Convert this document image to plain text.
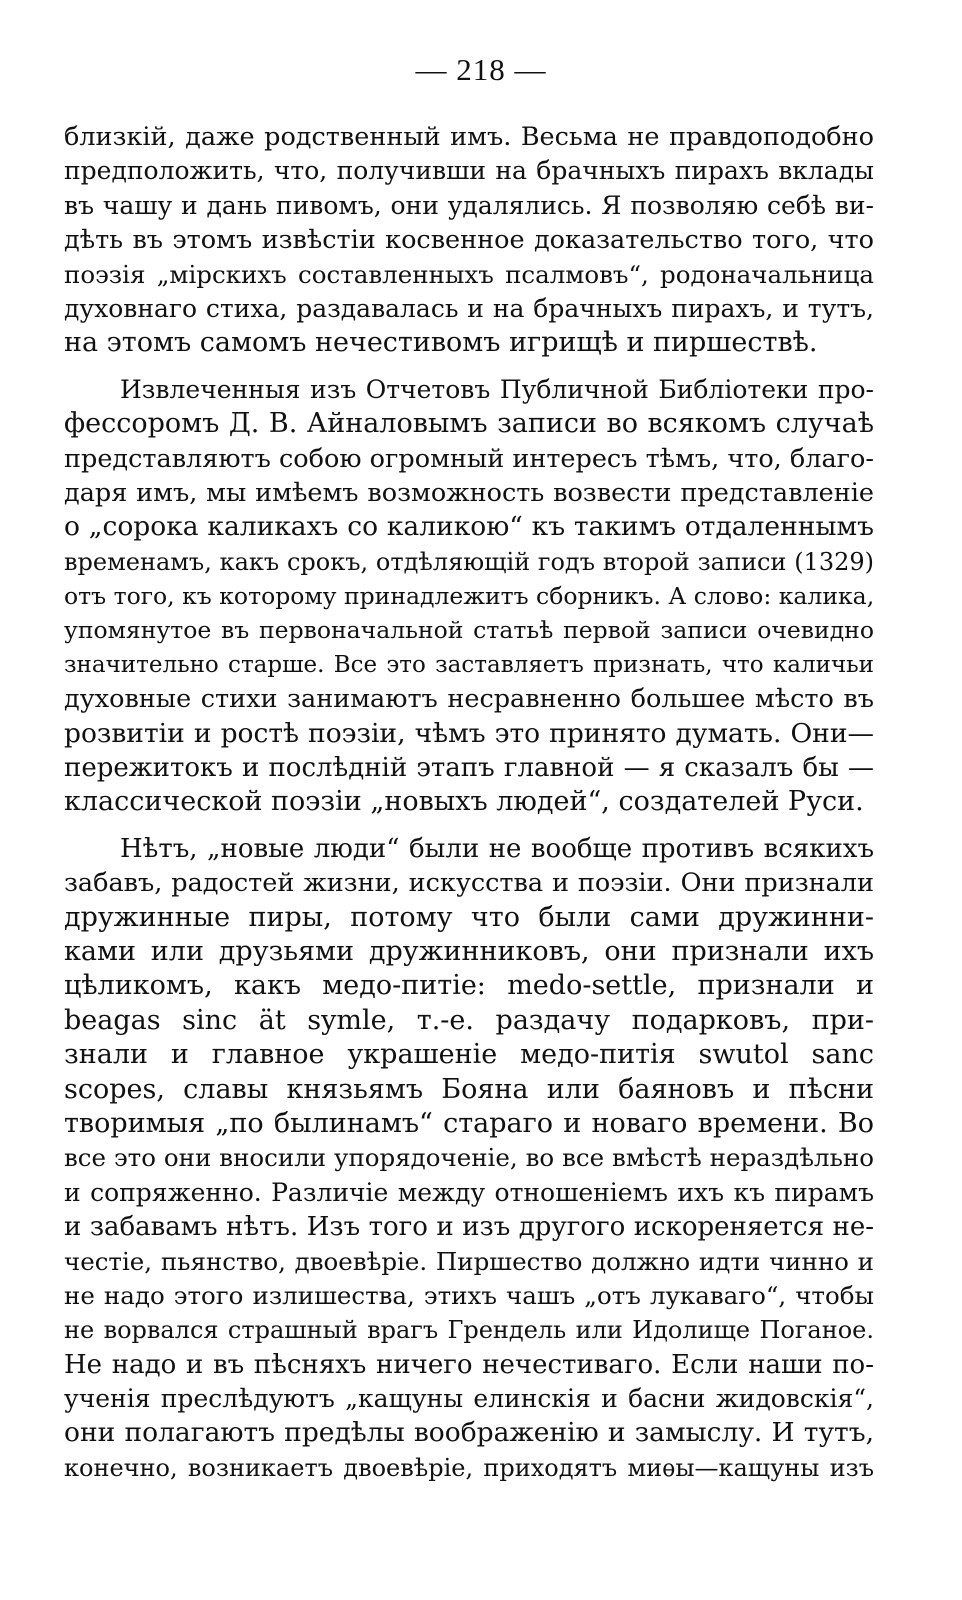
— 218 —
близкій, даже родственный имъ. Весьма не правдоподобно
предположить, что, получивши на брачныхъ пирахъ вклады
въ чашу и дань пивомъ, они удалялись. Я позволяю себѣ ви-
дѣть въ этомъ извѣстіи косвенное доказательство того, что
поэзія „мірскихъ составленныхъ псалмовъ“, родоначальница
духовнаго стиха, раздавалась и на брачныхъ пирахъ, и тутъ,
на этомъ самомъ нечестивомъ игрищѣ и пиршествѣ.
Извлеченныя изъ Отчетовъ Публичной Библіотеки про-
фессоромъ Д. В. Айналовымъ записи во всякомъ случаѣ
представляютъ собою огромный интересъ тѣмъ, что, благо-
даря имъ, мы имѣемъ возможность возвести представленіе
о „сорока каликахъ со каликою“ къ такимъ отдаленнымъ
временамъ, какъ срокъ, отдѣляющій годъ второй записи (1329)
отъ того, къ которому принадлежитъ сборникъ. А слово: калика,
упомянутое въ первоначальной статьѣ первой записи очевидно
значительно старше. Все это заставляетъ признать, что каличьи
духовные стихи занимаютъ несравненно большее мѣсто въ
розвитіи и ростѣ поэзіи, чѣмъ это принято думать. Они—
пережитокъ и послѣдній этапъ главной — я сказалъ бы —
классической поэзіи „новыхъ людей“, создателей Руси.
Нѣтъ, „новые люди“ были не вообще противъ всякихъ
забавъ, радостей жизни, искусства и поэзіи. Они признали
дружинные пиры, потому что были сами дружинни-
ками или друзьями дружинниковъ, они признали ихъ
цѣликомъ, какъ медо-питіе: medo-settle, признали и
beagas sinc ät symle, т.-е. раздачу подарковъ, при-
знали и главное украшеніе медо-питія swutol sanc
scopes, славы князьямъ Бояна или баяновъ и пѣсни
творимыя „по былинамъ“ стараго и новаго времени. Во
все это они вносили упорядоченіе, во все вмѣстѣ нераздѣльно
и сопряженно. Различіе между отношеніемъ ихъ къ пирамъ
и забавамъ нѣтъ. Изъ того и изъ другого искореняется не-
честіе, пьянство, двоевѣріе. Пиршество должно идти чинно и
не надо этого излишества, этихъ чашъ „отъ лукаваго“, чтобы
не ворвался страшный врагъ Грендель или Идолище Поганое.
Не надо и въ пѣсняхъ ничего нечестиваго. Если наши по-
ученія преслѣдуютъ „кащуны елинскія и басни жидовскія“,
они полагаютъ предѣлы воображенію и замыслу. И тутъ,
конечно, возникаетъ двоевѣріе, приходятъ миѳы—кащуны изъ
